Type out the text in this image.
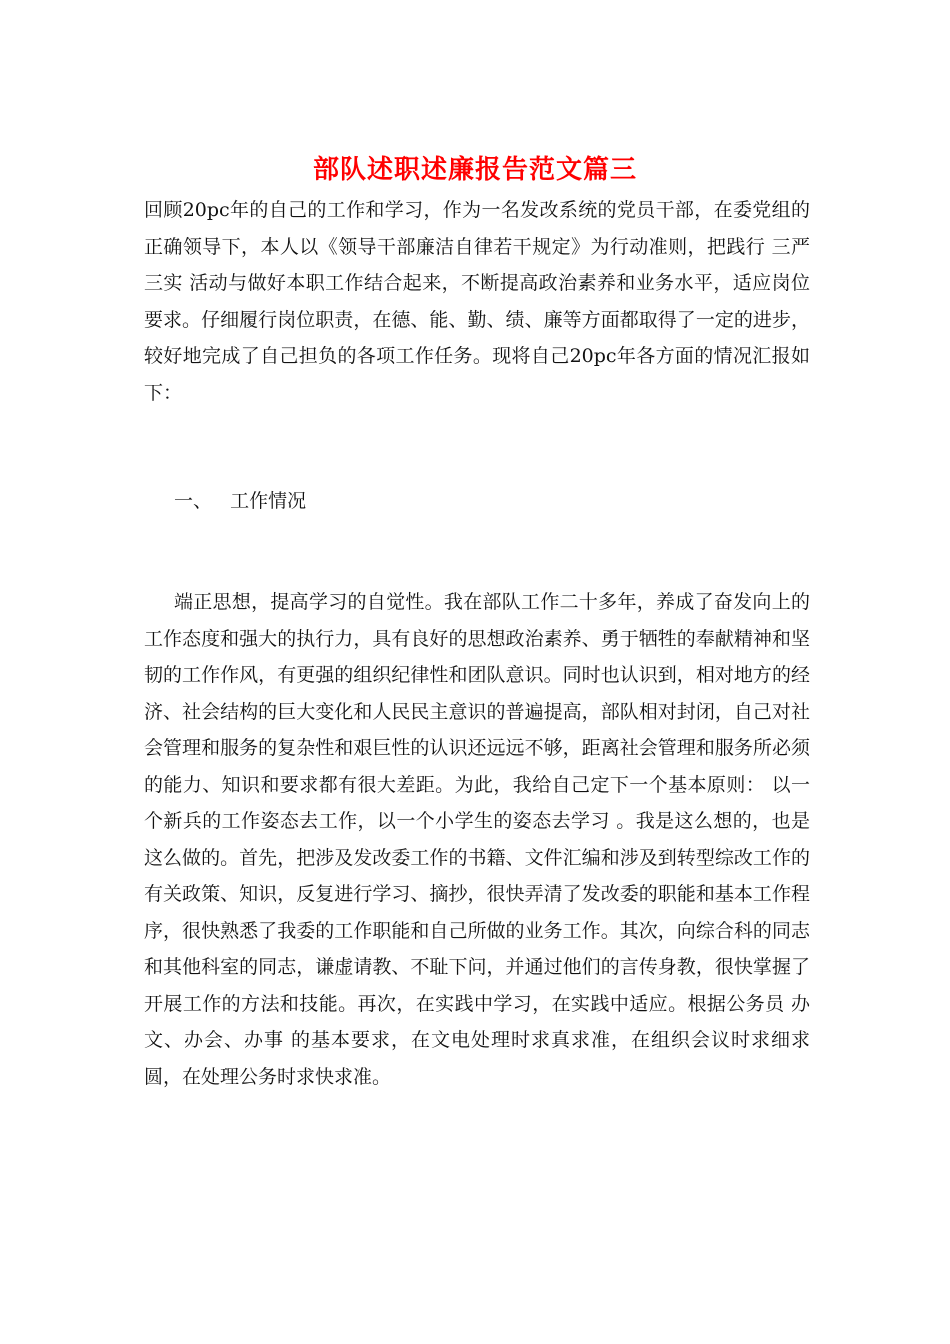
部队述职述廉报告范文篇三

回顾20pc年的自己的工作和学习，作为一名发改系统的党员干部，在委党组的正确领导下，本人以《领导干部廉洁自律若干规定》为行动准则，把践行 三严三实 活动与做好本职工作结合起来，不断提高政治素养和业务水平，适应岗位要求。仔细履行岗位职责，在德、能、勤、绩、廉等方面都取得了一定的进步，较好地完成了自己担负的各项工作任务。现将自己20pc年各方面的情况汇报如下：

一、   工作情况

端正思想，提高学习的自觉性。我在部队工作二十多年，养成了奋发向上的工作态度和强大的执行力，具有良好的思想政治素养、勇于牺牲的奉献精神和坚韧的工作作风，有更强的组织纪律性和团队意识。同时也认识到，相对地方的经济、社会结构的巨大变化和人民民主意识的普遍提高，部队相对封闭，自己对社会管理和服务的复杂性和艰巨性的认识还远远不够，距离社会管理和服务所必须的能力、知识和要求都有很大差距。为此，我给自己定下一个基本原则： 以一个新兵的工作姿态去工作，以一个小学生的姿态去学习 。我是这么想的，也是这么做的。首先，把涉及发改委工作的书籍、文件汇编和涉及到转型综改工作的有关政策、知识，反复进行学习、摘抄，很快弄清了发改委的职能和基本工作程序，很快熟悉了我委的工作职能和自己所做的业务工作。其次，向综合科的同志和其他科室的同志，谦虚请教、不耻下问，并通过他们的言传身教，很快掌握了开展工作的方法和技能。再次，在实践中学习，在实践中适应。根据公务员 办文、办会、办事 的基本要求，在文电处理时求真求准，在组织会议时求细求圆，在处理公务时求快求准。
